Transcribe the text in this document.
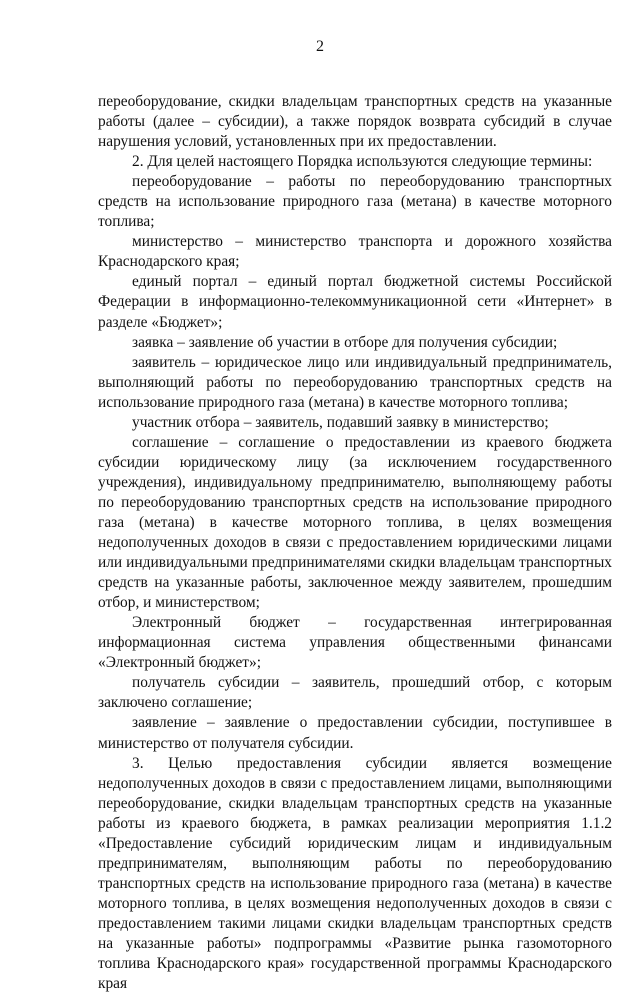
2

переоборудование, скидки владельцам транспортных средств на указанные работы (далее – субсидии), а также порядок возврата субсидий в случае нарушения условий, установленных при их предоставлении.

2. Для целей настоящего Порядка используются следующие термины:

переоборудование – работы по переоборудованию транспортных средств на использование природного газа (метана) в качестве моторного топлива;

министерство – министерство транспорта и дорожного хозяйства Краснодарского края;

единый портал – единый портал бюджетной системы Российской Федерации в информационно-телекоммуникационной сети «Интернет» в разделе «Бюджет»;

заявка – заявление об участии в отборе для получения субсидии;

заявитель – юридическое лицо или индивидуальный предприниматель, выполняющий работы по переоборудованию транспортных средств на использование природного газа (метана) в качестве моторного топлива;

участник отбора – заявитель, подавший заявку в министерство;

соглашение – соглашение о предоставлении из краевого бюджета субсидии юридическому лицу (за исключением государственного учреждения), индивидуальному предпринимателю, выполняющему работы по переоборудованию транспортных средств на использование природного газа (метана) в качестве моторного топлива, в целях возмещения недополученных доходов в связи с предоставлением юридическими лицами или индивидуальными предпринимателями скидки владельцам транспортных средств на указанные работы, заключенное между заявителем, прошедшим отбор, и министерством;

Электронный бюджет – государственная интегрированная информационная система управления общественными финансами «Электронный бюджет»;

получатель субсидии – заявитель, прошедший отбор, с которым заключено соглашение;

заявление – заявление о предоставлении субсидии, поступившее в министерство от получателя субсидии.

3. Целью предоставления субсидии является возмещение недополученных доходов в связи с предоставлением лицами, выполняющими переоборудование, скидки владельцам транспортных средств на указанные работы из краевого бюджета, в рамках реализации мероприятия 1.1.2 «Предоставление субсидий юридическим лицам и индивидуальным предпринимателям, выполняющим работы по переоборудованию транспортных средств на использование природного газа (метана) в качестве моторного топлива, в целях возмещения недополученных доходов в связи с предоставлением такими лицами скидки владельцам транспортных средств на указанные работы» подпрограммы «Развитие рынка газомоторного топлива Краснодарского края» государственной программы Краснодарского края
